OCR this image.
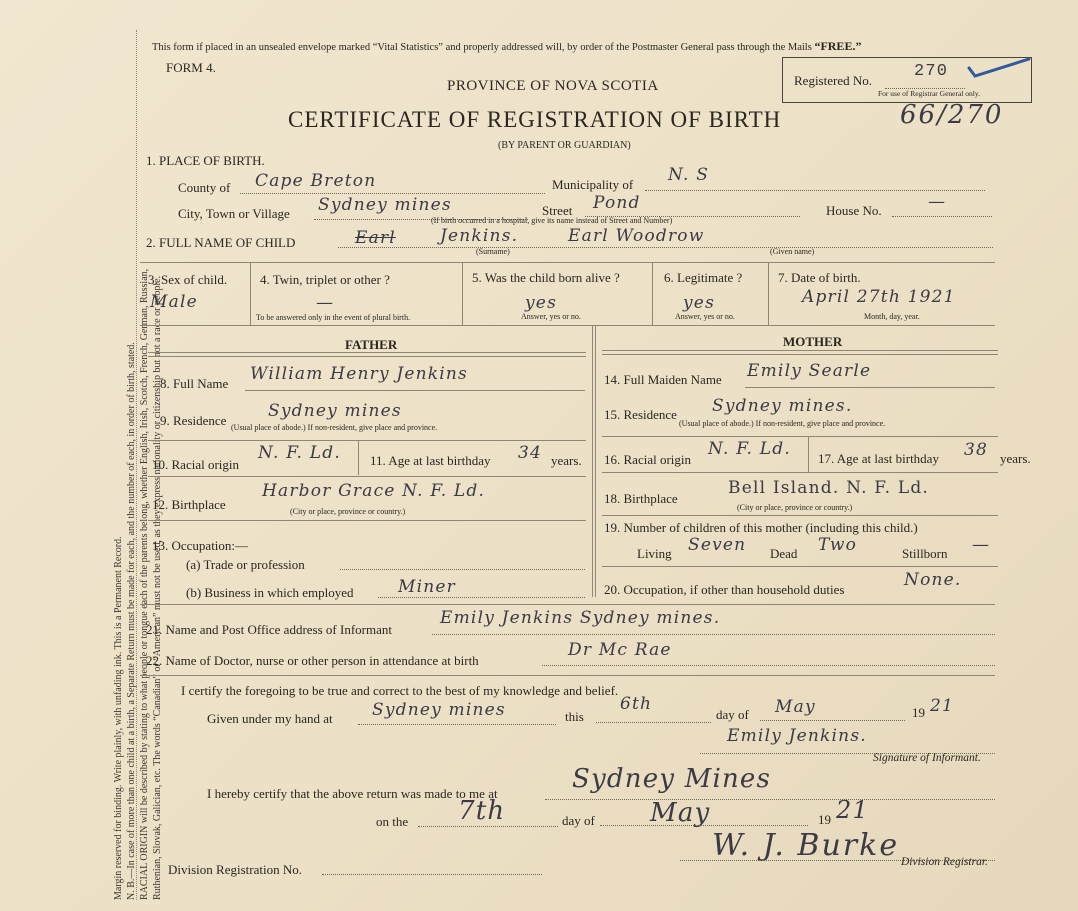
Margin reserved for binding. Write plainly, with unfading ink. This is a Permanent Record. N. B.—In case of more than one child at a birth, a Separate Return must be made for each, and the number of each, in order of birth, stated. RACIAL ORIGIN will be described by stating to what people or tongue each of the parents belong, whether English, Irish, Scotch, French, German, Russian, Ruthenian, Slovak, Galician, etc. The words “Canadian” or “American” must not be used, as they express nationality or citizenship but not a race or people.
This form if placed in an unsealed envelope marked “Vital Statistics” and properly addressed will, by order of the Postmaster General pass through the Mails “FREE.”
FORM 4.
PROVINCE OF NOVA SCOTIA
CERTIFICATE OF REGISTRATION OF BIRTH
(BY PARENT OR GUARDIAN)
Registered No. 270
For use of Registrar General only.
66/270
1. PLACE OF BIRTH.
County of Cape Breton	Municipality of N. S
City, Town or Village Sydney mines	Street Pond	House No.	—
(If birth occurred in a hospital, give its name instead of Street and Number)
2. FULL NAME OF CHILD	Earl	Jenkins.	Earl Woodrow
(Surname)	(Given name)
3. Sex of child.
Male
4. Twin, triplet or other ?
—
To be answered only in the event of plural birth.
5. Was the child born alive ?
yes
Answer, yes or no.
6. Legitimate ?
yes
Answer, yes or no.
7. Date of birth.
April 27th 1921
Month, day, year.
FATHER	MOTHER
8. Full Name William Henry Jenkins
9. Residence Sydney mines
(Usual place of abode.) If non-resident, give place and province.
10. Racial origin
N. F. Ld. 11. Age at last birthday 34 years.
12. Birthplace
Harbor Grace N. F. Ld.
(City or place, province or country.)
13. Occupation:—
(a) Trade or profession
(b) Business in which employed	Miner
14. Full Maiden Name Emily Searle
15. Residence Sydney mines.
(Usual place of abode.) If non-resident, give place and province.
16. Racial origin
N. F. Ld. 17. Age at last birthday 38 years.
18. Birthplace
Bell Island. N. F. Ld.
(City or place, province or country.)
19. Number of children of this mother (including this child.)
Living Seven Dead Two	Stillborn —
20. Occupation, if other than household duties	None.
21. Name and Post Office address of Informant
Emily Jenkins Sydney mines.
22. Name of Doctor, nurse or other person in attendance at birth
Dr Mc Rae
I certify the foregoing to be true and correct to the best of my knowledge and belief.
Given under my hand at Sydney mines	this
6th
day of May	19 21
Emily Jenkins.
Signature of Informant.
I hereby certify that the above return was made to me at	Sydney Mines
on the 7th	day of May	19 21
W. J. Burke Division Registrar.
Division Registration No.
